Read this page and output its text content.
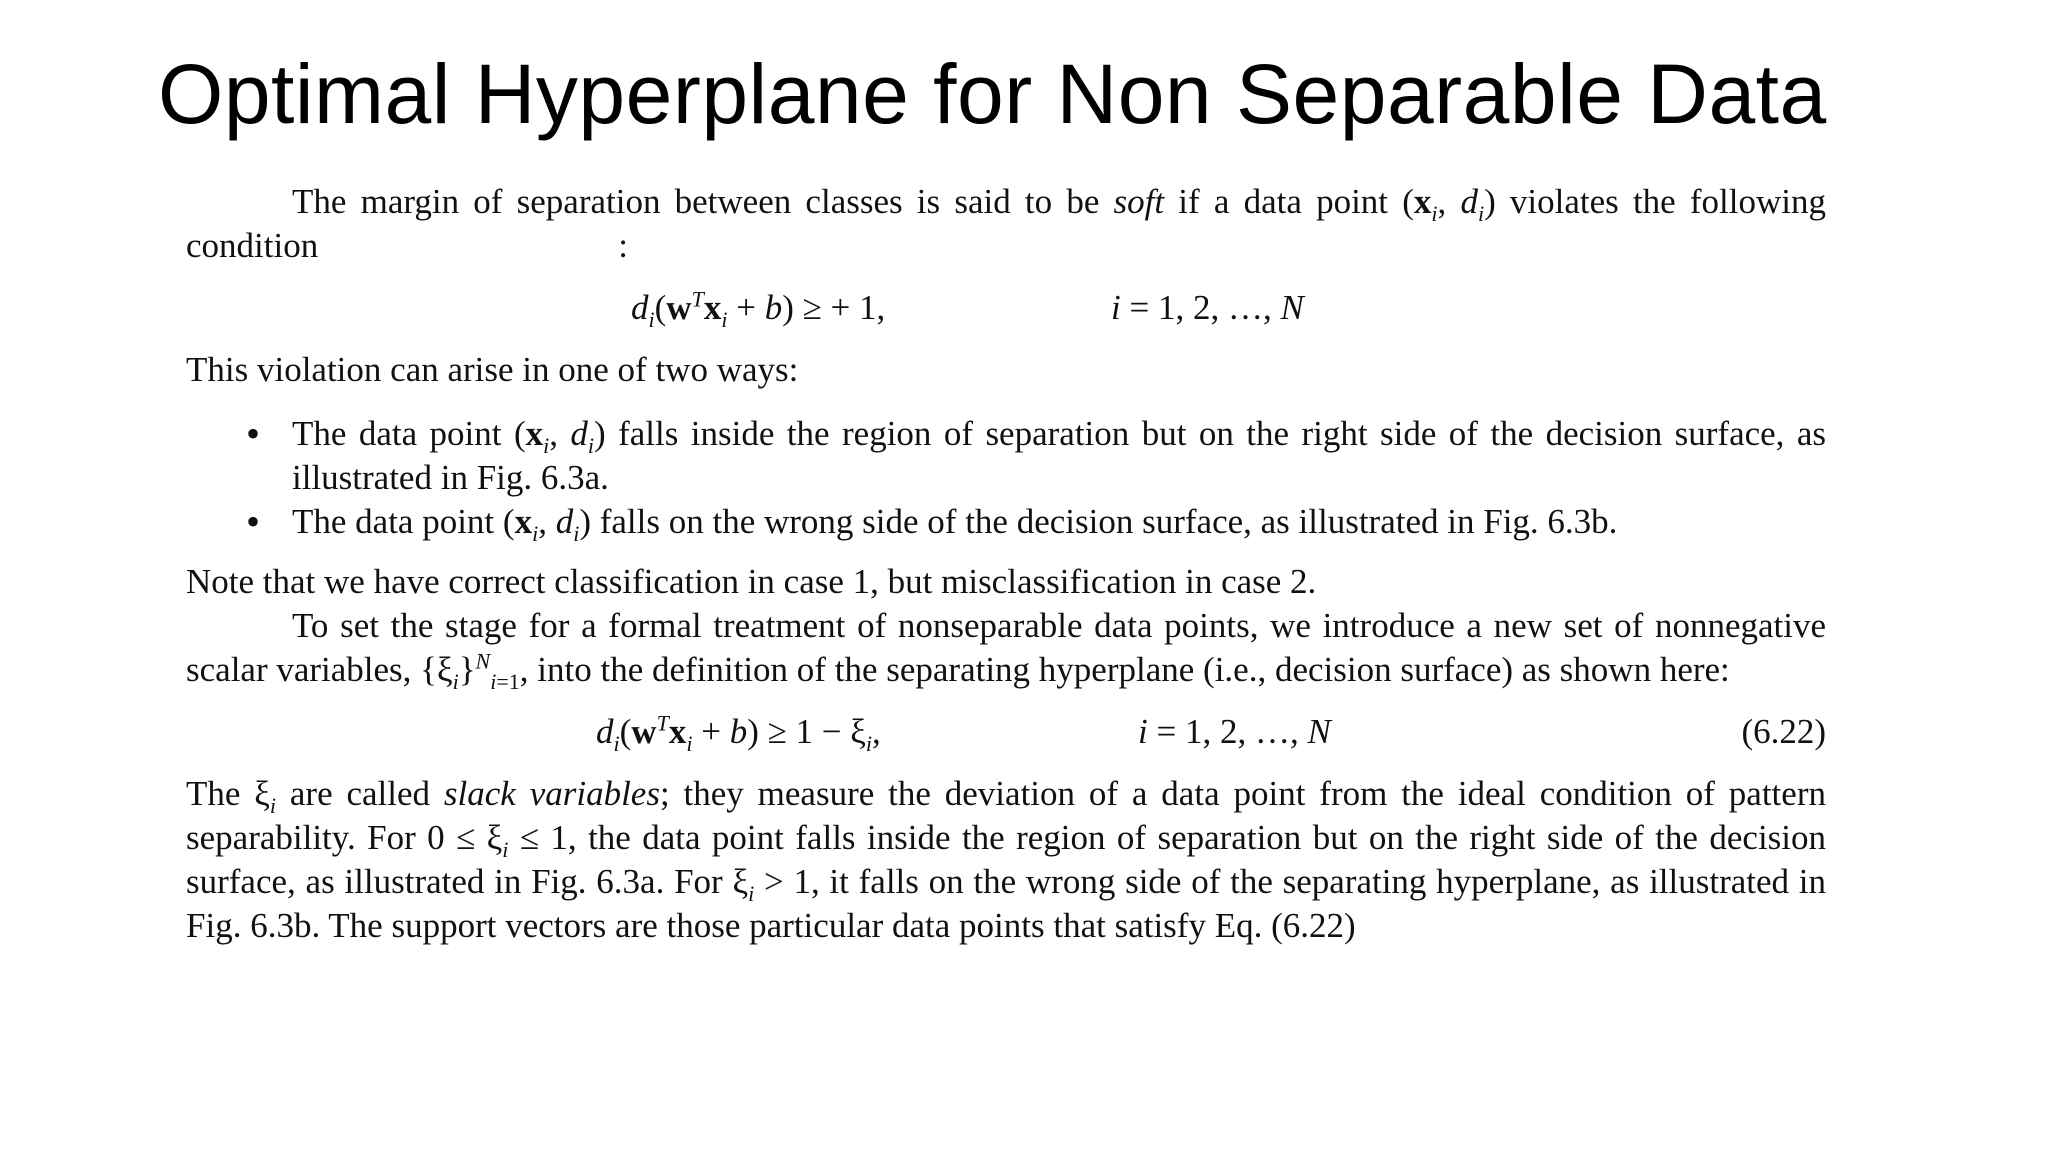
Optimal Hyperplane for Non Separable Data

The margin of separation between classes is said to be soft if a data point ($x_i$, $d_i$) violates the following condition	:

$d_i(w^Tx_i + b)$ ≥ + 1,	i = 1, 2, …, N

This violation can arise in one of two ways:

• The data point ($x_i$, $d_i$) falls inside the region of separation but on the right side of the decision surface, as illustrated in Fig. 6.3a.
• The data point ($x_i$, $d_i$) falls on the wrong side of the decision surface, as illustrated in Fig. 6.3b.

Note that we have correct classification in case 1, but misclassification in case 2.

To set the stage for a formal treatment of nonseparable data points, we introduce a new set of nonnegative scalar variables, $\{\xi_i\}^N_{i=1}$, into the definition of the separating hyperplane (i.e., decision surface) as shown here:

$d_i(w^Tx_i + b) \ge 1 - \xi_i$,	i = 1, 2, …, N	(6.22)

The $\xi_i$ are called slack variables; they measure the deviation of a data point from the ideal condition of pattern separability. For $0 \le \xi_i \le 1$, the data point falls inside the region of separation but on the right side of the decision surface, as illustrated in Fig. 6.3a. For $\xi_i > 1$, it falls on the wrong side of the separating hyperplane, as illustrated in Fig. 6.3b. The support vectors are those particular data points that satisfy Eq. (6.22)
